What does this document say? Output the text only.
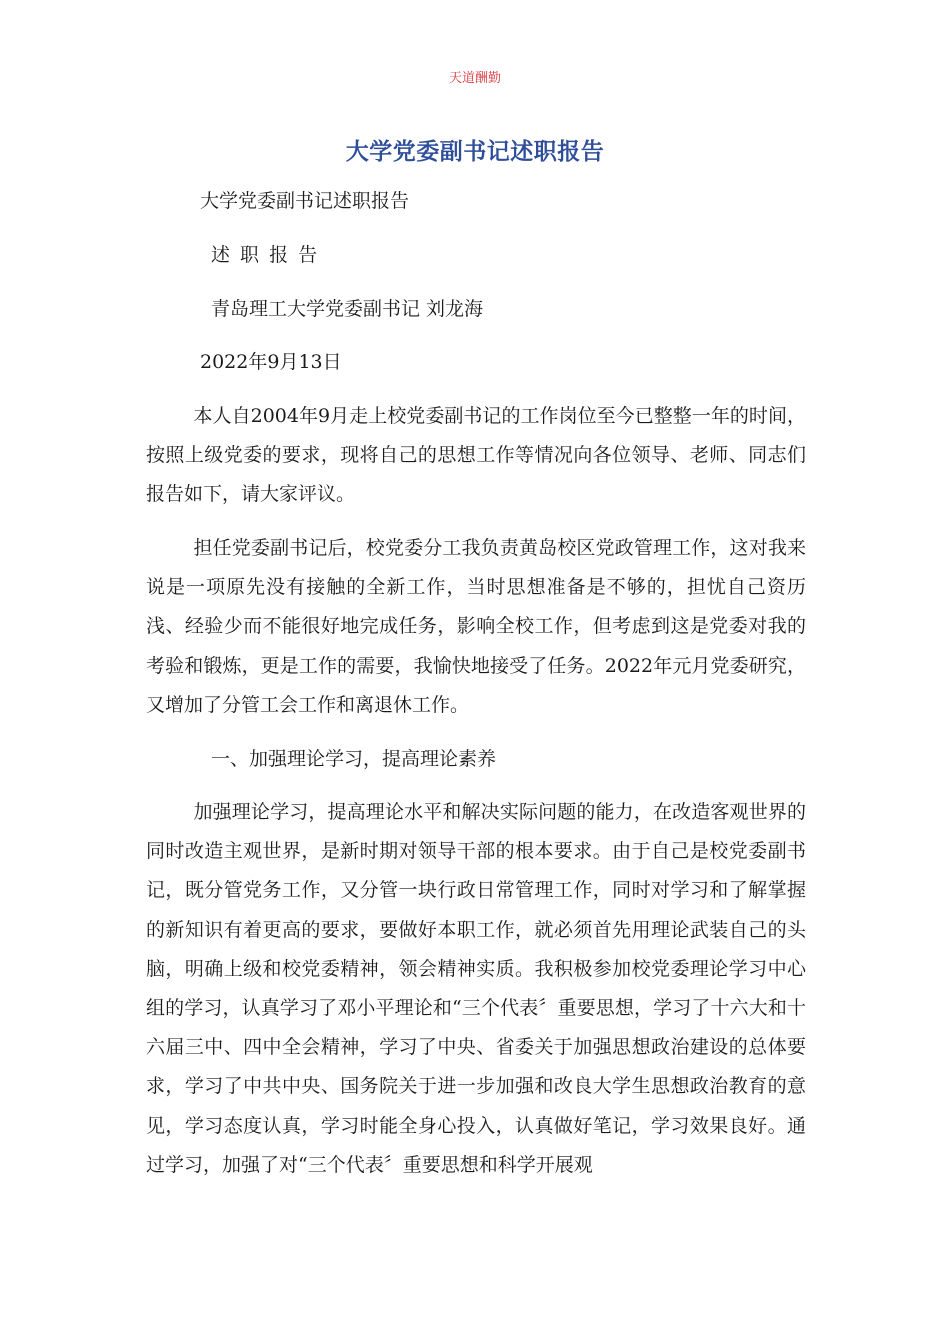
天道酬勤
大学党委副书记述职报告
大学党委副书记述职报告
述 职 报 告
青岛理工大学党委副书记 刘龙海
2022年9月13日
本人自2004年9月走上校党委副书记的工作岗位至今已整整一年的时间，按照上级党委的要求，现将自己的思想工作等情况向各位领导、老师、同志们报告如下，请大家评议。
担任党委副书记后，校党委分工我负责黄岛校区党政管理工作，这对我来说是一项原先没有接触的全新工作，当时思想准备是不够的，担忧自己资历浅、经验少而不能很好地完成任务，影响全校工作，但考虑到这是党委对我的考验和锻炼，更是工作的需要，我愉快地接受了任务。2022年元月党委研究，又增加了分管工会工作和离退休工作。
一、加强理论学习，提高理论素养
加强理论学习，提高理论水平和解决实际问题的能力，在改造客观世界的同时改造主观世界，是新时期对领导干部的根本要求。由于自己是校党委副书记，既分管党务工作，又分管一块行政日常管理工作，同时对学习和了解掌握的新知识有着更高的要求，要做好本职工作，就必须首先用理论武装自己的头脑，明确上级和校党委精神，领会精神实质。我积极参加校党委理论学习中心组的学习，认真学习了邓小平理论和“三个代表〞重要思想，学习了十六大和十六届三中、四中全会精神，学习了中央、省委关于加强思想政治建设的总体要求，学习了中共中央、国务院关于进一步加强和改良大学生思想政治教育的意见，学习态度认真，学习时能全身心投入，认真做好笔记，学习效果良好。通过学习，加强了对“三个代表〞重要思想和科学开展观
